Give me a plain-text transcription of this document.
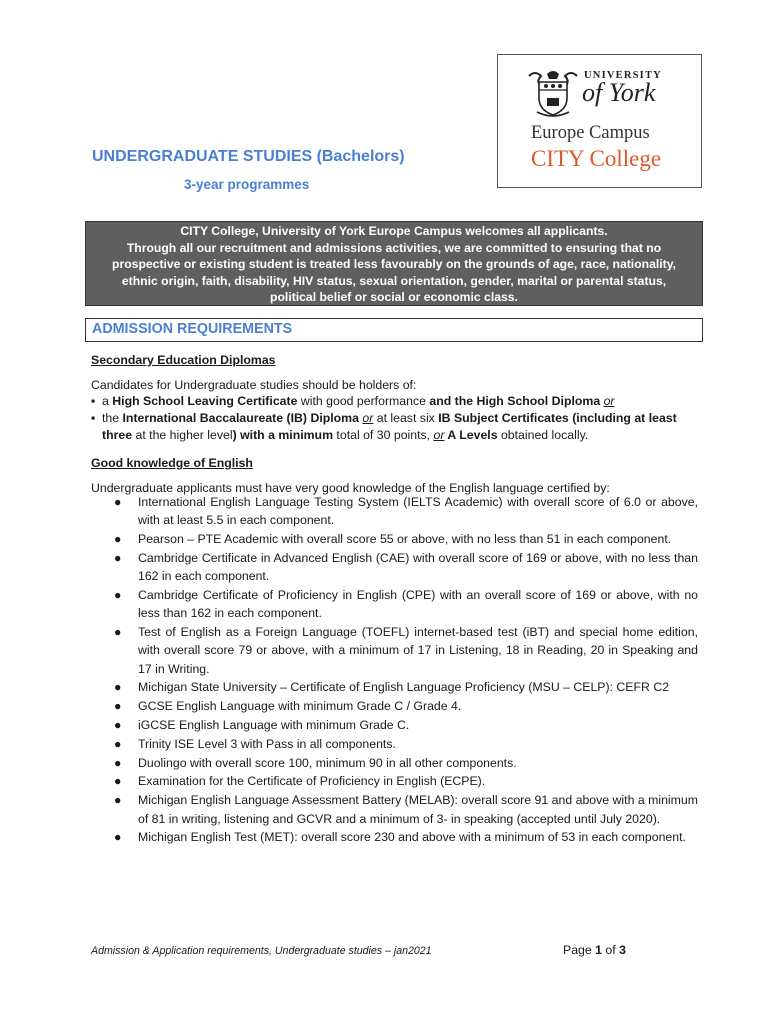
UNIVERSITY
of York
Europe Campus
CITY College
UNDERGRADUATE STUDIES (Bachelors)
3-year programmes
CITY College, University of York Europe Campus welcomes all applicants.
Through all our recruitment and admissions activities, we are committed to ensuring that no
prospective or existing student is treated less favourably on the grounds of age, race, nationality,
ethnic origin, faith, disability, HIV status, sexual orientation, gender, marital or parental status,
political belief or social or economic class.
ADMISSION REQUIREMENTS
Secondary Education Diplomas
Candidates for Undergraduate studies should be holders of:
▪ a High School Leaving Certificate with good performance and the High School Diploma or
▪ the International Baccalaureate (IB) Diploma or at least six IB Subject Certificates (including at least
three at the higher level) with a minimum total of 30 points, or A Levels obtained locally.
Good knowledge of English
Undergraduate applicants must have very good knowledge of the English language certified by:
● International English Language Testing System (IELTS Academic) with overall score of 6.0 or above, with at least 5.5 in each component.
● Pearson – PTE Academic with overall score 55 or above, with no less than 51 in each component.
● Cambridge Certificate in Advanced English (CAE) with overall score of 169 or above, with no less than 162 in each component.
● Cambridge Certificate of Proficiency in English (CPE) with an overall score of 169 or above, with no less than 162 in each component.
● Test of English as a Foreign Language (TOEFL) internet-based test (iBT) and special home edition, with overall score 79 or above, with a minimum of 17 in Listening, 18 in Reading, 20 in Speaking and 17 in Writing.
● Michigan State University – Certificate of English Language Proficiency (MSU – CELP): CEFR C2
● GCSE English Language with minimum Grade C / Grade 4.
● iGCSE English Language with minimum Grade C.
● Trinity ISE Level 3 with Pass in all components.
● Duolingo with overall score 100, minimum 90 in all other components.
● Examination for the Certificate of Proficiency in English (ECPE).
● Michigan English Language Assessment Battery (MELAB): overall score 91 and above with a minimum of 81 in writing, listening and GCVR and a minimum of 3- in speaking (accepted until July 2020).
● Michigan English Test (MET): overall score 230 and above with a minimum of 53 in each component.
Admission & Application requirements, Undergraduate studies – jan2021	Page 1 of 3
